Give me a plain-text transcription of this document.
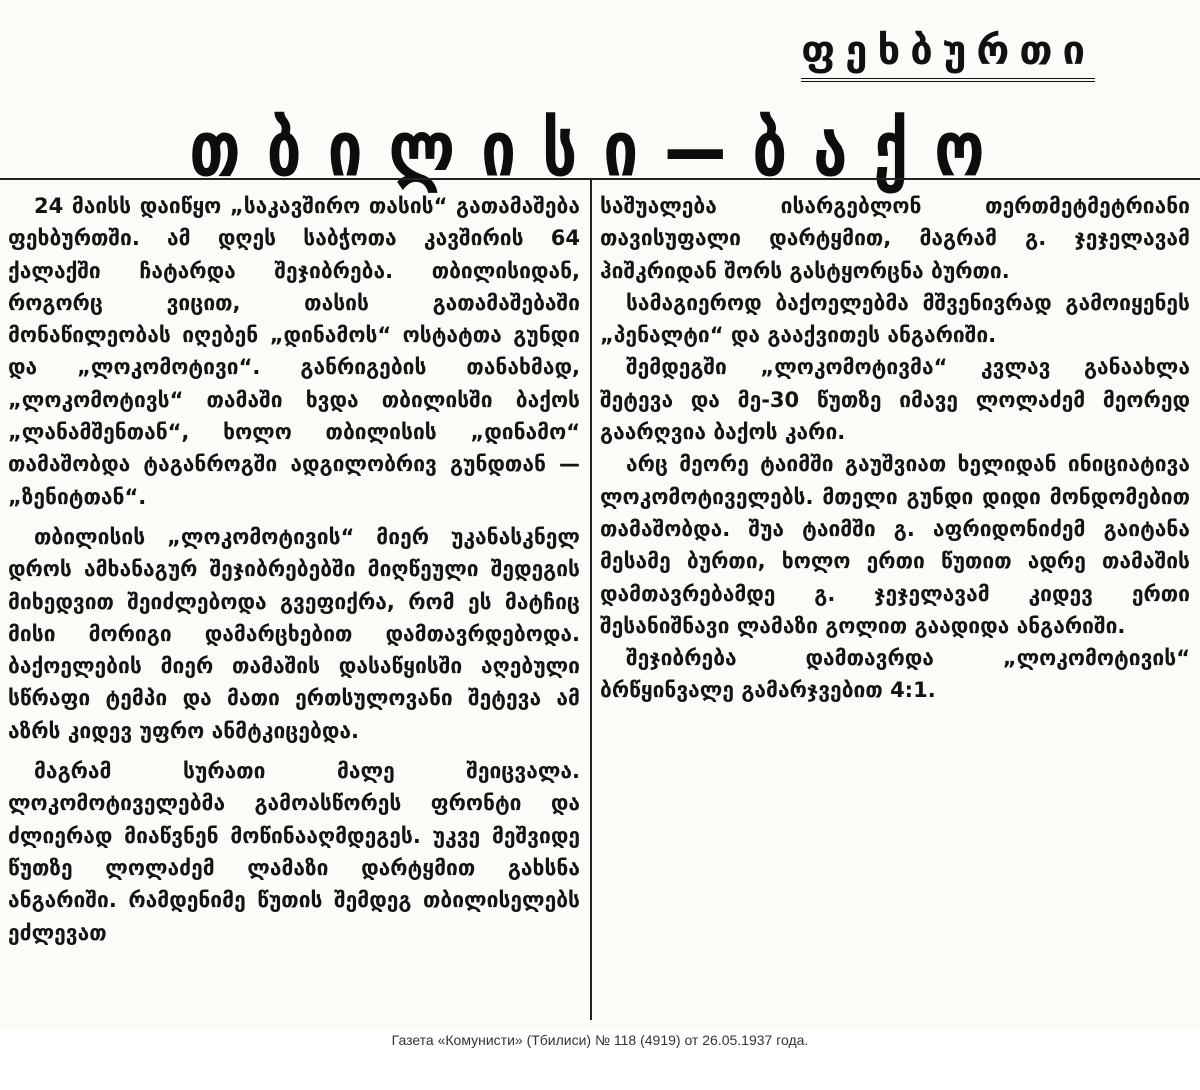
ფეხბურთი
თბილისი—ბაქო

24 მაისს დაიწყო „საკავშირო თასის“ გათამაშება ფეხბურთში. ამ დღეს საბჭოთა კავშირის 64 ქალაქში ჩატარდა შეჯიბრება. თბილისიდან, როგორც ვიცით, თასის გათამაშებაში მონაწილეობას იღებენ „დინამოს“ ოსტატთა გუნდი და „ლოკომოტივი“. განრიგების თანახმად, „ლოკომოტივს“ თამაში ხვდა თბილისში ბაქოს „ლანამშენთან“, ხოლო თბილისის „დინამო“ თამაშობდა ტაგანროგში ადგილობრივ გუნდთან — „ზენიტთან“.

თბილისის „ლოკომოტივის“ მიერ უკანასკნელ დროს ამხანაგურ შეჯიბრებებში მიღწეული შედეგის მიხედვით შეიძლებოდა გვეფიქრა, რომ ეს მატჩიც მისი მორიგი დამარცხებით დამთავრდებოდა. ბაქოელების მიერ თამაშის დასაწყისში აღებული სწრაფი ტემპი და მათი ერთსულოვანი შეტევა ამ აზრს კიდევ უფრო ანმტკიცებდა.

მაგრამ სურათი მალე შეიცვალა. ლოკომოტიველებმა გამოასწორეს ფრონტი და ძლიერად მიაწვნენ მოწინააღმდეგეს. უკვე მეშვიდე წუთზე ლოლაძემ ლამაზი დარტყმით გახსნა ანგარიში. რამდენიმე წუთის შემდეგ თბილისელებს ეძლევათ

საშუალება ისარგებლონ თერთმეტმეტრიანი თავისუფალი დარტყმით, მაგრამ გ. ჯეჯელავამ ჰიშკრიდან შორს გასტყორცნა ბურთი.

სამაგიეროდ ბაქოელებმა მშვენივრად გამოიყენეს „პენალტი“ და გააქვითეს ანგარიში.

შემდეგში „ლოკომოტივმა“ კვლავ განაახლა შეტევა და მე-30 წუთზე იმავე ლოლაძემ მეორედ გაარღვია ბაქოს კარი.

არც მეორე ტაიმში გაუშვიათ ხელიდან ინიციატივა ლოკომოტიველებს. მთელი გუნდი დიდი მონდომებით თამაშობდა. შუა ტაიმში გ. აფრიდონიძემ გაიტანა მესამე ბურთი, ხოლო ერთი წუთით ადრე თამაშის დამთავრებამდე გ. ჯეჯელავამ კიდევ ერთი შესანიშნავი ლამაზი გოლით გაადიდა ანგარიში.

შეჯიბრება დამთავრდა „ლოკომოტივის“ ბრწყინვალე გამარჯვებით 4:1.

Газета «Комунисти» (Тбилиси) № 118 (4919) от 26.05.1937 года.
